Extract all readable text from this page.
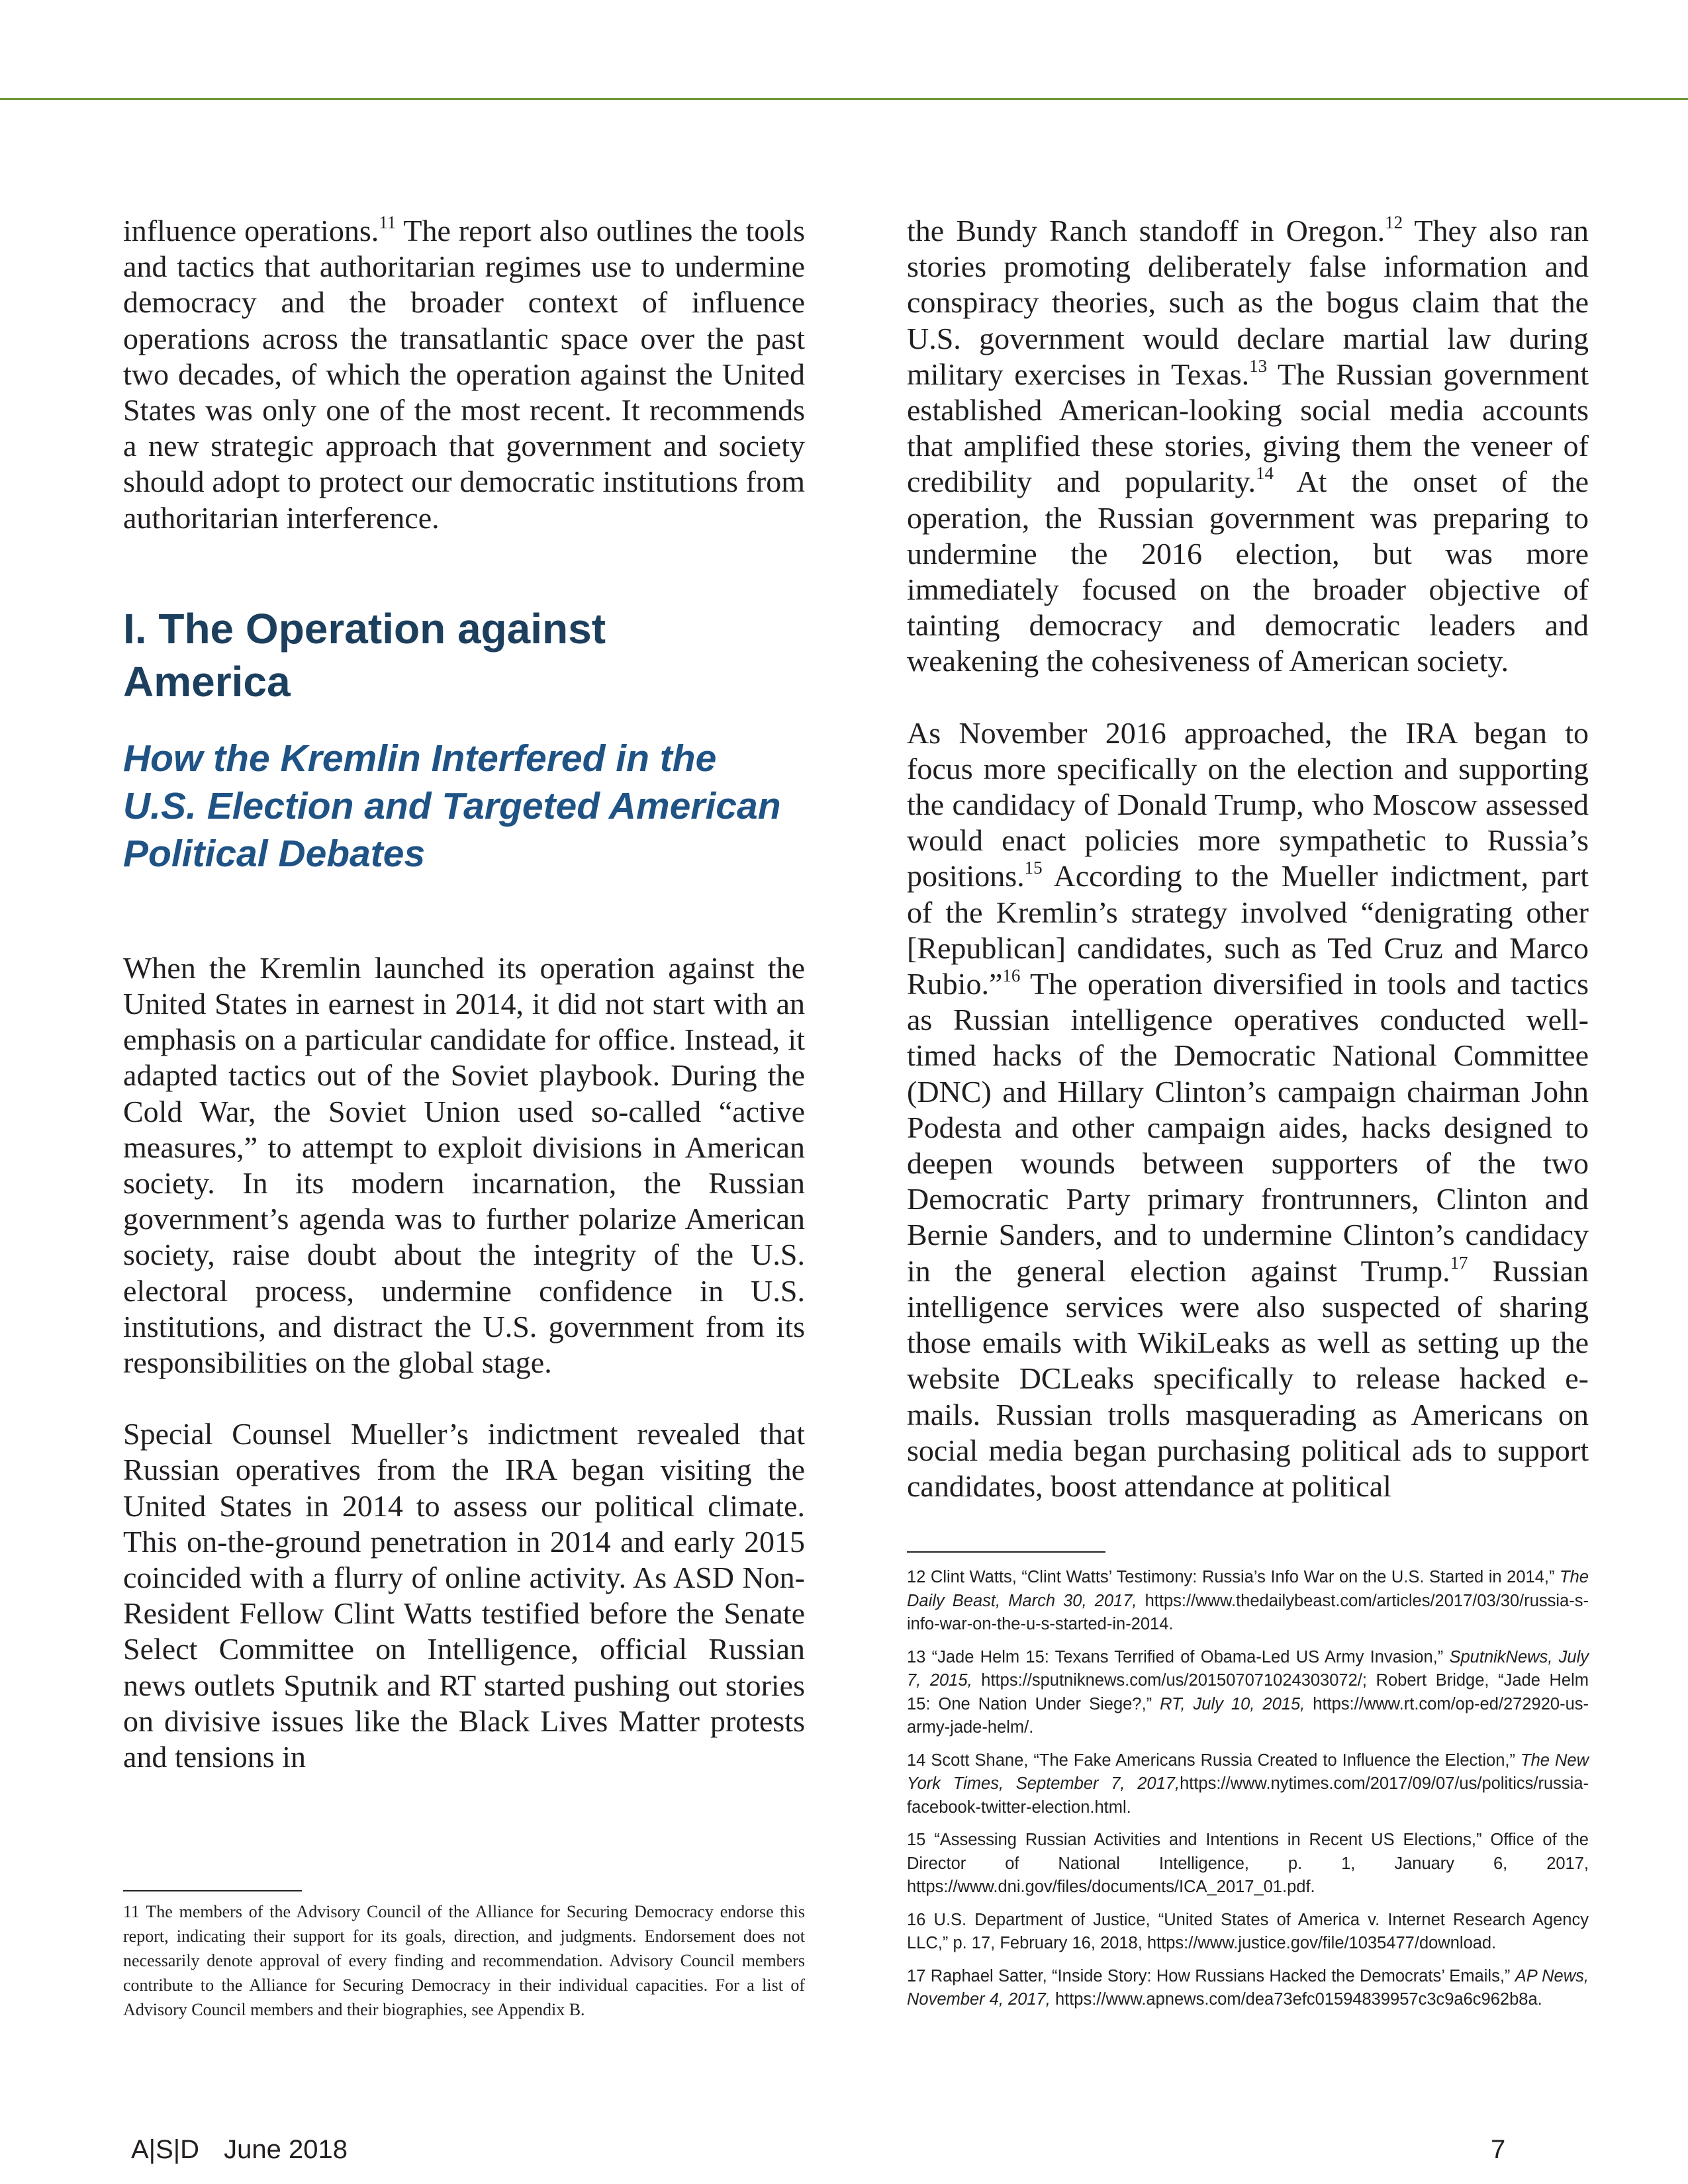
influence operations.$^{11}$ The report also outlines the tools and tactics that authoritarian regimes use to undermine democracy and the broader context of influence operations across the transatlantic space over the past two decades, of which the operation against the United States was only one of the most recent. It recommends a new strategic approach that government and society should adopt to protect our democratic institutions from authoritarian interference.

I. The Operation against America
How the Kremlin Interfered in the U.S. Election and Targeted American Political Debates

When the Kremlin launched its operation against the United States in earnest in 2014, it did not start with an emphasis on a particular candidate for office. Instead, it adapted tactics out of the Soviet playbook. During the Cold War, the Soviet Union used so-called “active measures,” to attempt to exploit divisions in American society. In its modern incarnation, the Russian government’s agenda was to further polarize American society, raise doubt about the integrity of the U.S. electoral process, undermine confidence in U.S. institutions, and distract the U.S. government from its responsibilities on the global stage.

Special Counsel Mueller’s indictment revealed that Russian operatives from the IRA began visiting the United States in 2014 to assess our political climate. This on-the-ground penetration in 2014 and early 2015 coincided with a flurry of online activity. As ASD Non-Resident Fellow Clint Watts testified before the Senate Select Committee on Intelligence, official Russian news outlets Sputnik and RT started pushing out stories on divisive issues like the Black Lives Matter protests and tensions in

11 The members of the Advisory Council of the Alliance for Securing Democracy endorse this report, indicating their support for its goals, direction, and judgments. Endorsement does not necessarily denote approval of every finding and recommendation. Advisory Council members contribute to the Alliance for Securing Democracy in their individual capacities. For a list of Advisory Council members and their biographies, see Appendix B.

the Bundy Ranch standoff in Oregon.$^{12}$ They also ran stories promoting deliberately false information and conspiracy theories, such as the bogus claim that the U.S. government would declare martial law during military exercises in Texas.$^{13}$ The Russian government established American-looking social media accounts that amplified these stories, giving them the veneer of credibility and popularity.$^{14}$ At the onset of the operation, the Russian government was preparing to undermine the 2016 election, but was more immediately focused on the broader objective of tainting democracy and democratic leaders and weakening the cohesiveness of American society.

As November 2016 approached, the IRA began to focus more specifically on the election and supporting the candidacy of Donald Trump, who Moscow assessed would enact policies more sympathetic to Russia’s positions.$^{15}$ According to the Mueller indictment, part of the Kremlin’s strategy involved “denigrating other [Republican] candidates, such as Ted Cruz and Marco Rubio.”$^{16}$ The operation diversified in tools and tactics as Russian intelligence operatives conducted well-timed hacks of the Democratic National Committee (DNC) and Hillary Clinton’s campaign chairman John Podesta and other campaign aides, hacks designed to deepen wounds between supporters of the two Democratic Party primary frontrunners, Clinton and Bernie Sanders, and to undermine Clinton’s candidacy in the general election against Trump.$^{17}$ Russian intelligence services were also suspected of sharing those emails with WikiLeaks as well as setting up the website DCLeaks specifically to release hacked e-mails. Russian trolls masquerading as Americans on social media began purchasing political ads to support candidates, boost attendance at political

12 Clint Watts, “Clint Watts’ Testimony: Russia’s Info War on the U.S. Started in 2014,” The Daily Beast, March 30, 2017, https://www.thedailybeast.com/articles/2017/03/30/russia-s-info-war-on-the-u-s-started-in-2014.

13 “Jade Helm 15: Texans Terrified of Obama-Led US Army Invasion,” SputnikNews, July 7, 2015, https://sputniknews.com/us/201507071024303072/; Robert Bridge, “Jade Helm 15: One Nation Under Siege?,” RT, July 10, 2015, https://www.rt.com/op-ed/272920-us-army-jade-helm/.

14 Scott Shane, “The Fake Americans Russia Created to Influence the Election,” The New York Times, September 7, 2017,https://www.nytimes.com/2017/09/07/us/politics/russia-facebook-twitter-election.html.

15 “Assessing Russian Activities and Intentions in Recent US Elections,” Office of the Director of National Intelligence, p. 1, January 6, 2017, https://www.dni.gov/files/documents/ICA_2017_01.pdf.

16 U.S. Department of Justice, “United States of America v. Internet Research Agency LLC,” p. 17, February 16, 2018, https://www.justice.gov/file/1035477/download.

17 Raphael Satter, “Inside Story: How Russians Hacked the Democrats’ Emails,” AP News, November 4, 2017, https://www.apnews.com/dea73efc01594839957c3c9a6c962b8a.

A|S|D June 2018	7
